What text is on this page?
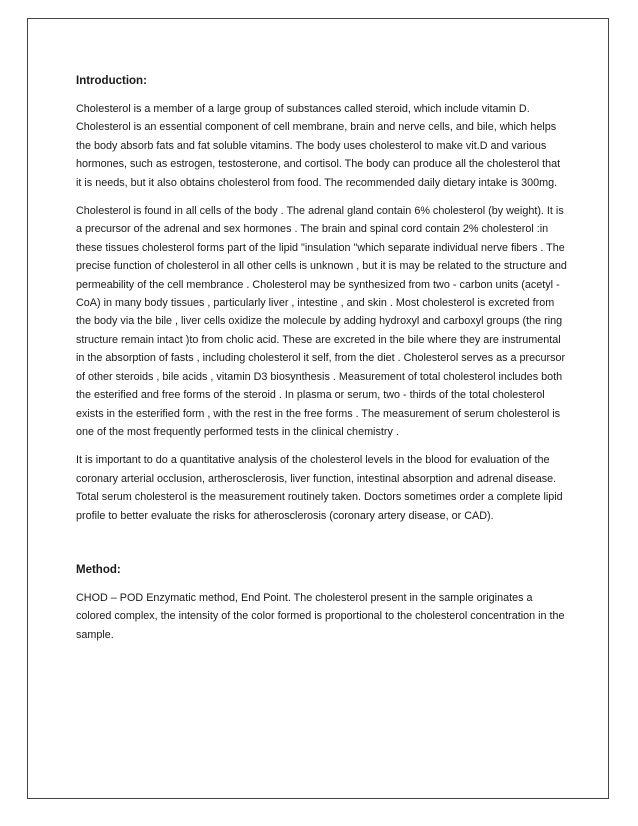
Introduction:

Cholesterol is a member of a large group of substances called steroid, which include vitamin D. Cholesterol is an essential component of cell membrane, brain and nerve cells, and bile, which helps the body absorb fats and fat soluble vitamins. The body uses cholesterol to make vit.D and various hormones, such as estrogen, testosterone, and cortisol. The body can produce all the cholesterol that it is needs, but it also obtains cholesterol from food. The recommended daily dietary intake is 300mg.

Cholesterol is found in all cells of the body . The adrenal gland contain 6% cholesterol (by weight). It is a precursor of the adrenal and sex hormones . The brain and spinal cord contain 2% cholesterol :in these tissues cholesterol forms part of the lipid "insulation "which separate individual nerve fibers . The precise function of cholesterol in all other cells is unknown , but it is may be related to the structure and permeability of the cell membrance . Cholesterol may be synthesized from two - carbon units (acetyl - CoA) in many body tissues , particularly liver , intestine , and skin . Most cholesterol is excreted from the body via the bile , liver cells oxidize the molecule by adding hydroxyl and carboxyl groups (the ring structure remain intact )to from cholic acid. These are excreted in the bile where they are instrumental in the absorption of fasts , including cholesterol it self, from the diet . Cholesterol serves as a precursor of other steroids , bile acids , vitamin D3 biosynthesis . Measurement of total cholesterol includes both the esterified and free forms of the steroid . In plasma or serum, two - thirds of the total cholesterol exists in the esterified form , with the rest in the free forms . The measurement of serum cholesterol is one of the most frequently performed tests in the clinical chemistry .

It is important to do a quantitative analysis of the cholesterol levels in the blood for evaluation of the coronary arterial occlusion, artherosclerosis, liver function, intestinal absorption and adrenal disease. Total serum cholesterol is the measurement routinely taken. Doctors sometimes order a complete lipid profile to better evaluate the risks for atherosclerosis (coronary artery disease, or CAD).

Method:

CHOD – POD Enzymatic method, End Point. The cholesterol present in the sample originates a colored complex, the intensity of the color formed is proportional to the cholesterol concentration in the sample.
